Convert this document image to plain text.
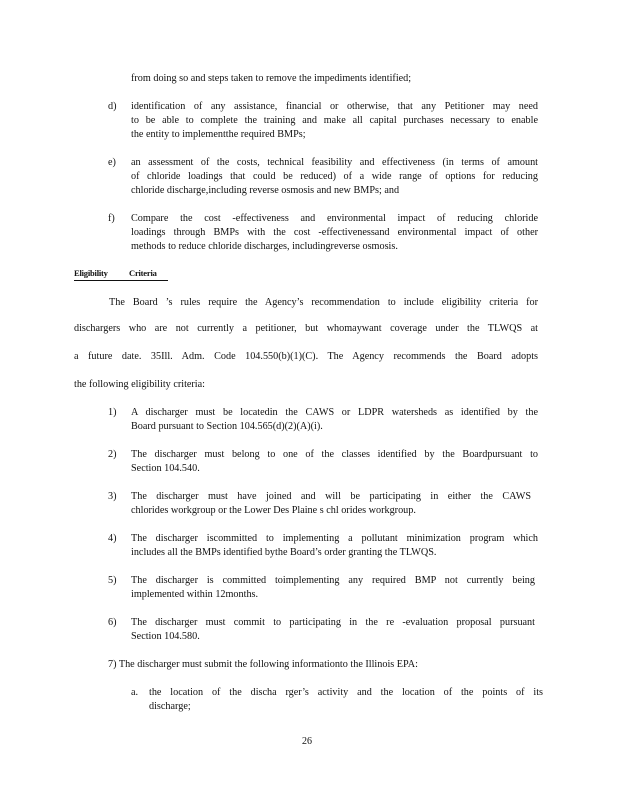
from doing so and steps taken to remove the impediments identified;
d) identification of any assistance, financial or otherwise, that any Petitioner may need
to be able to complete the training and make all capital purchases necessary to enable
the entity to implementthe required BMPs;
e) an assessment of the costs, technical feasibility and effectiveness (in terms of amount
of chloride loadings that could be reduced) of a wide range of options for reducing
chloride discharge,including reverse osmosis and new BMPs; and
f) Compare the cost -effectiveness and environmental impact of reducing chloride
loadings through BMPs with the cost -effectivenessand environmental impact of other
methods to reduce chloride discharges, includingreverse osmosis.
Eligibility	Criteria
The Board ’s rules require the Agency’s recommendation to include eligibility criteria for
dischargers who are not currently a petitioner, but whomaywant coverage under the TLWQS at
a future date. 35Ill. Adm. Code 104.550(b)(1)(C). The Agency recommends the Board adopts
the following eligibility criteria:
1) A discharger must be locatedin the CAWS or LDPR watersheds as identified by the
Board pursuant to Section 104.565(d)(2)(A)(i).
2) The discharger must belong to one of the classes identified by the Boardpursuant to
Section 104.540.
3) The discharger must have joined and will be participating in either the CAWS
chlorides workgroup or the Lower Des Plaine s chl orides workgroup.
4) The discharger iscommitted to implementing a pollutant minimization program which
includes all the BMPs identified bythe Board’s order granting the TLWQS.
5) The discharger is committed toimplementing any required BMP not currently being
implemented within 12months.
6) The discharger must commit to participating in the re -evaluation proposal pursuant
Section 104.580.
7) The discharger must submit the following informationto the Illinois EPA:
a. the location of the discha rger’s activity and the location of the points of its
discharge;
26
